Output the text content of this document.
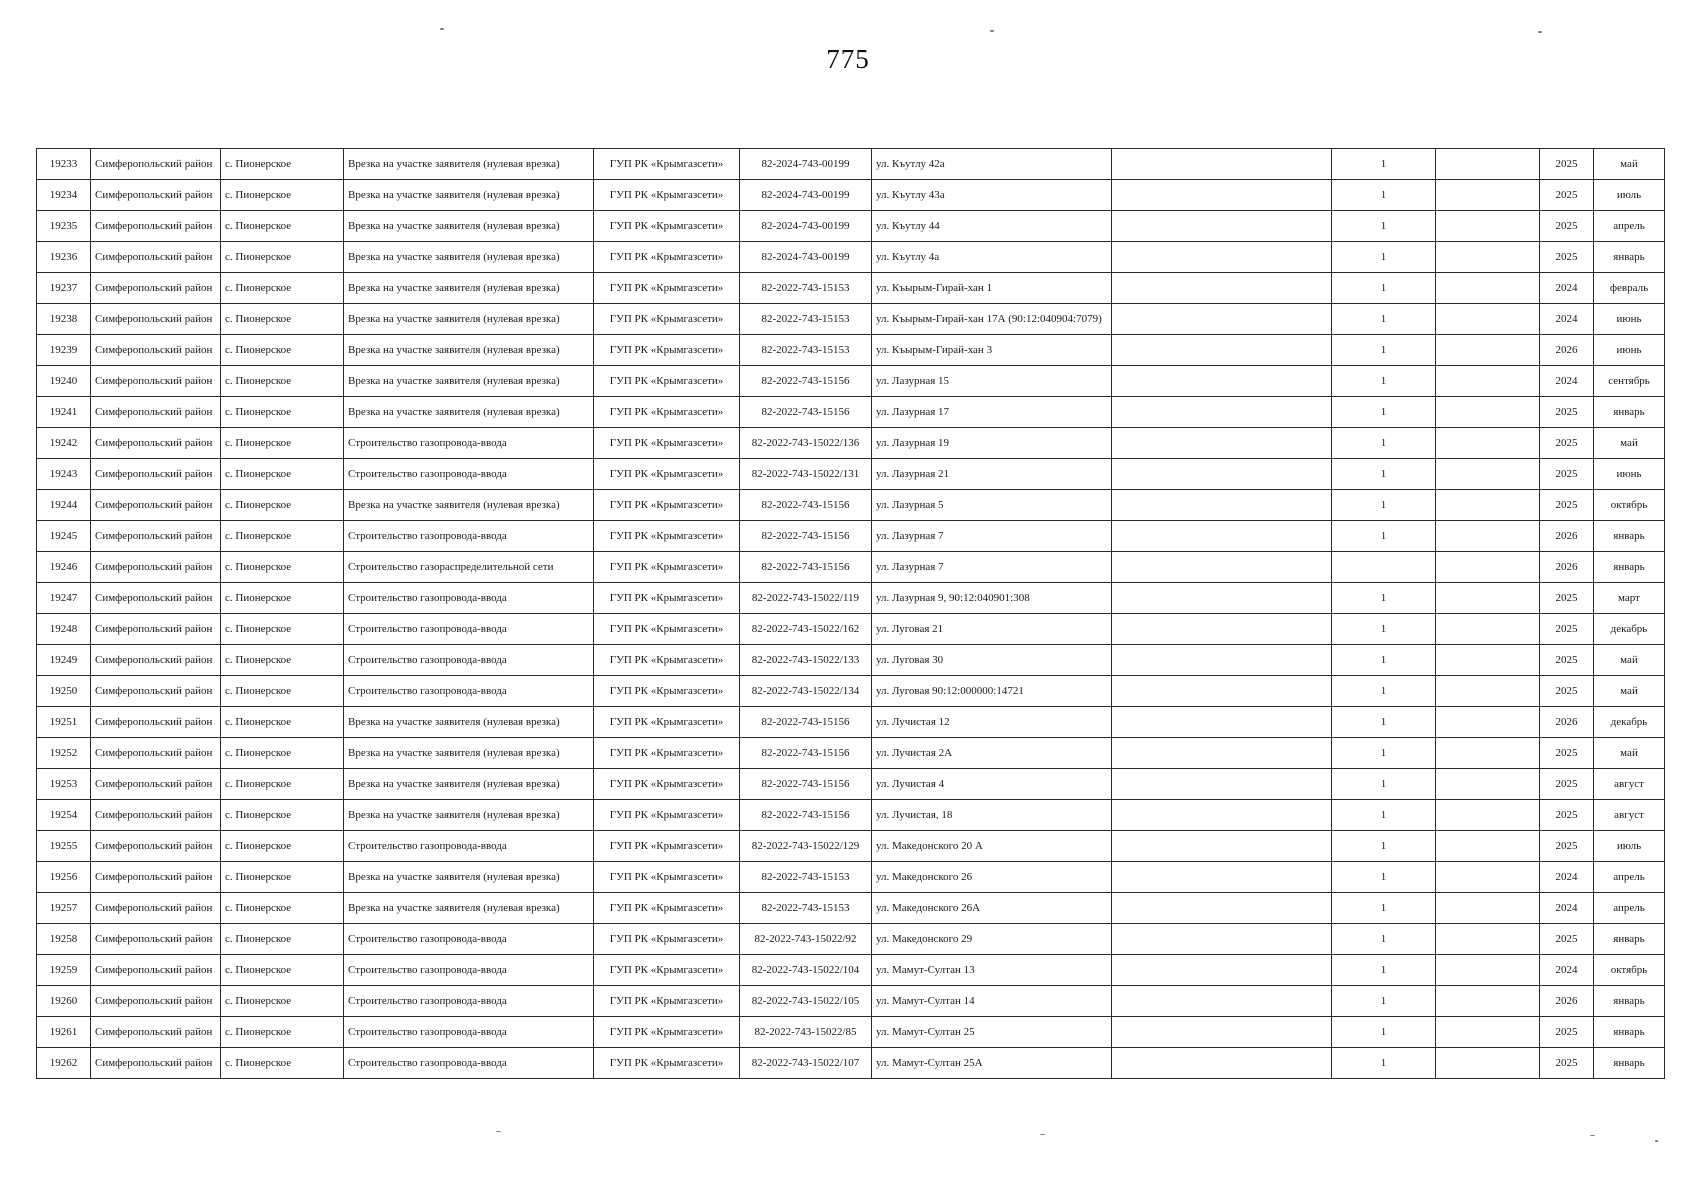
775
19233	Симферопольский район	с. Пионерское	Врезка на участке заявителя (нулевая врезка)	ГУП РК «Крымгазсети»	82-2024-743-00199	ул. Къутлу 42а		1		2025	май
19234	Симферопольский район	с. Пионерское	Врезка на участке заявителя (нулевая врезка)	ГУП РК «Крымгазсети»	82-2024-743-00199	ул. Къутлу 43а		1		2025	июль
19235	Симферопольский район	с. Пионерское	Врезка на участке заявителя (нулевая врезка)	ГУП РК «Крымгазсети»	82-2024-743-00199	ул. Къутлу 44		1		2025	апрель
19236	Симферопольский район	с. Пионерское	Врезка на участке заявителя (нулевая врезка)	ГУП РК «Крымгазсети»	82-2024-743-00199	ул. Къутлу 4а		1		2025	январь
19237	Симферопольский район	с. Пионерское	Врезка на участке заявителя (нулевая врезка)	ГУП РК «Крымгазсети»	82-2022-743-15153	ул. Къырым-Гирай-хан 1		1		2024	февраль
19238	Симферопольский район	с. Пионерское	Врезка на участке заявителя (нулевая врезка)	ГУП РК «Крымгазсети»	82-2022-743-15153	ул. Къырым-Гирай-хан 17А (90:12:040904:7079)		1		2024	июнь
19239	Симферопольский район	с. Пионерское	Врезка на участке заявителя (нулевая врезка)	ГУП РК «Крымгазсети»	82-2022-743-15153	ул. Къырым-Гирай-хан 3		1		2026	июнь
19240	Симферопольский район	с. Пионерское	Врезка на участке заявителя (нулевая врезка)	ГУП РК «Крымгазсети»	82-2022-743-15156	ул. Лазурная 15		1		2024	сентябрь
19241	Симферопольский район	с. Пионерское	Врезка на участке заявителя (нулевая врезка)	ГУП РК «Крымгазсети»	82-2022-743-15156	ул. Лазурная 17		1		2025	январь
19242	Симферопольский район	с. Пионерское	Строительство газопровода-ввода	ГУП РК «Крымгазсети»	82-2022-743-15022/136	ул. Лазурная 19		1		2025	май
19243	Симферопольский район	с. Пионерское	Строительство газопровода-ввода	ГУП РК «Крымгазсети»	82-2022-743-15022/131	ул. Лазурная 21		1		2025	июнь
19244	Симферопольский район	с. Пионерское	Врезка на участке заявителя (нулевая врезка)	ГУП РК «Крымгазсети»	82-2022-743-15156	ул. Лазурная 5		1		2025	октябрь
19245	Симферопольский район	с. Пионерское	Строительство газопровода-ввода	ГУП РК «Крымгазсети»	82-2022-743-15156	ул. Лазурная 7		1		2026	январь
19246	Симферопольский район	с. Пионерское	Строительство газораспределительной сети	ГУП РК «Крымгазсети»	82-2022-743-15156	ул. Лазурная 7				2026	январь
19247	Симферопольский район	с. Пионерское	Строительство газопровода-ввода	ГУП РК «Крымгазсети»	82-2022-743-15022/119	ул. Лазурная 9, 90:12:040901:308		1		2025	март
19248	Симферопольский район	с. Пионерское	Строительство газопровода-ввода	ГУП РК «Крымгазсети»	82-2022-743-15022/162	ул. Луговая 21		1		2025	декабрь
19249	Симферопольский район	с. Пионерское	Строительство газопровода-ввода	ГУП РК «Крымгазсети»	82-2022-743-15022/133	ул. Луговая 30		1		2025	май
19250	Симферопольский район	с. Пионерское	Строительство газопровода-ввода	ГУП РК «Крымгазсети»	82-2022-743-15022/134	ул. Луговая 90:12:000000:14721		1		2025	май
19251	Симферопольский район	с. Пионерское	Врезка на участке заявителя (нулевая врезка)	ГУП РК «Крымгазсети»	82-2022-743-15156	ул. Лучистая 12		1		2026	декабрь
19252	Симферопольский район	с. Пионерское	Врезка на участке заявителя (нулевая врезка)	ГУП РК «Крымгазсети»	82-2022-743-15156	ул. Лучистая 2А		1		2025	май
19253	Симферопольский район	с. Пионерское	Врезка на участке заявителя (нулевая врезка)	ГУП РК «Крымгазсети»	82-2022-743-15156	ул. Лучистая 4		1		2025	август
19254	Симферопольский район	с. Пионерское	Врезка на участке заявителя (нулевая врезка)	ГУП РК «Крымгазсети»	82-2022-743-15156	ул. Лучистая, 18		1		2025	август
19255	Симферопольский район	с. Пионерское	Строительство газопровода-ввода	ГУП РК «Крымгазсети»	82-2022-743-15022/129	ул. Македонского 20 А		1		2025	июль
19256	Симферопольский район	с. Пионерское	Врезка на участке заявителя (нулевая врезка)	ГУП РК «Крымгазсети»	82-2022-743-15153	ул. Македонского 26		1		2024	апрель
19257	Симферопольский район	с. Пионерское	Врезка на участке заявителя (нулевая врезка)	ГУП РК «Крымгазсети»	82-2022-743-15153	ул. Македонского 26А		1		2024	апрель
19258	Симферопольский район	с. Пионерское	Строительство газопровода-ввода	ГУП РК «Крымгазсети»	82-2022-743-15022/92	ул. Македонского 29		1		2025	январь
19259	Симферопольский район	с. Пионерское	Строительство газопровода-ввода	ГУП РК «Крымгазсети»	82-2022-743-15022/104	ул. Мамут-Султан 13		1		2024	октябрь
19260	Симферопольский район	с. Пионерское	Строительство газопровода-ввода	ГУП РК «Крымгазсети»	82-2022-743-15022/105	ул. Мамут-Султан 14		1		2026	январь
19261	Симферопольский район	с. Пионерское	Строительство газопровода-ввода	ГУП РК «Крымгазсети»	82-2022-743-15022/85	ул. Мамут-Султан 25		1		2025	январь
19262	Симферопольский район	с. Пионерское	Строительство газопровода-ввода	ГУП РК «Крымгазсети»	82-2022-743-15022/107	ул. Мамут-Султан 25А		1		2025	январь
